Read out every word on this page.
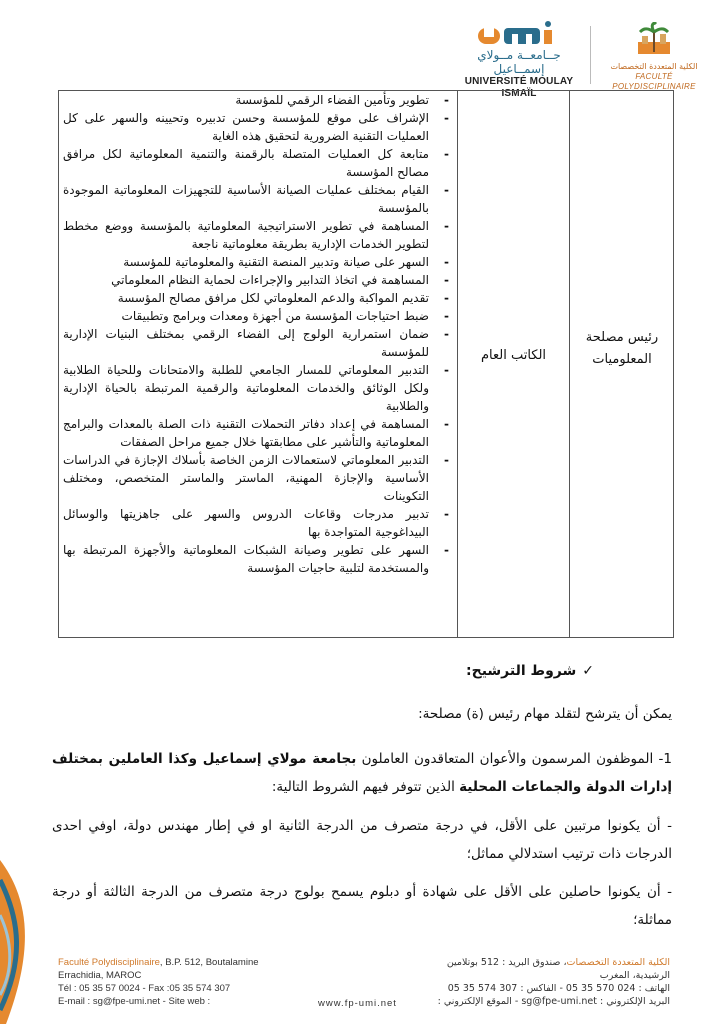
جــامعــة مــولاي إسمــاعيل
UNIVERSITÉ MOULAY ISMAÏL
الكلية المتعددة التخصصات
FACULTÉ POLYDISCIPLINAIRE
رئيس مصلحة المعلوميات
الكاتب العام
- تطوير وتأمين الفضاء الرقمي للمؤسسة
- الإشراف على موقع للمؤسسة وحسن تدبيره وتحيينه والسهر على كل العمليات التقنية الضرورية لتحقيق هذه الغاية
- متابعة كل العمليات المتصلة بالرقمنة والتنمية المعلوماتية لكل مرافق مصالح المؤسسة
- القيام بمختلف عمليات الصيانة الأساسية للتجهيزات المعلوماتية الموجودة بالمؤسسة
- المساهمة في تطوير الاستراتيجية المعلوماتية بالمؤسسة ووضع مخطط لتطوير الخدمات الإدارية بطريقة معلوماتية ناجعة
- السهر على صيانة وتدبير المنصة التقنية والمعلوماتية للمؤسسة
- المساهمة في اتخاذ التدابير والإجراءات لحماية النظام المعلوماتي
- تقديم المواكبة والدعم المعلوماتي لكل مرافق مصالح المؤسسة
- ضبط احتياجات المؤسسة من أجهزة ومعدات وبرامج وتطبيقات
- ضمان استمرارية الولوج إلى الفضاء الرقمي بمختلف البنيات الإدارية للمؤسسة
- التدبير المعلوماتي للمسار الجامعي للطلبة والامتحانات وللحياة الطلابية ولكل الوثائق والخدمات المعلوماتية والرقمية المرتبطة بالحياة الإدارية والطلابية
- المساهمة في إعداد دفاتر التحملات التقنية ذات الصلة بالمعدات والبرامج المعلوماتية والتأشير على مطابقتها خلال جميع مراحل الصفقات
- التدبير المعلوماتي لاستعمالات الزمن الخاصة بأسلاك الإجازة في الدراسات الأساسية والإجازة المهنية، الماستر والماستر المتخصص، ومختلف التكوينات
- تدبير مدرجات وقاعات الدروس والسهر على جاهزيتها والوسائل البيداغوجية المتواجدة بها
- السهر على تطوير وصيانة الشبكات المعلوماتية والأجهزة المرتبطة بها والمستخدمة لتلبية حاجيات المؤسسة
✓شروط الترشيح:
يمكن أن يترشح لتقلد مهام رئيس (ة) مصلحة:
1- الموظفون المرسمون والأعوان المتعاقدون العاملون بجامعة مولاي إسماعيل وكذا العاملين بمختلف إدارات الدولة والجماعات المحلية الذين تتوفر فيهم الشروط التالية:
- أن يكونوا مرتبين على الأقل، في درجة متصرف من الدرجة الثانية او في إطار مهندس دولة، اوفي احدى الدرجات ذات ترتيب استدلالي مماثل؛
- أن يكونوا حاصلين على الأقل على شهادة أو دبلوم يسمح بولوج درجة متصرف من الدرجة الثالثة أو درجة مماثلة؛
Faculté Polydisciplinaire, B.P. 512, Boutalamine
Errachidia, MAROC
Tél : 05 35 57 0024 - Fax :05 35 574 307
E-mail : sg@fpe-umi.net - Site web :	www.fp-umi.net
الكلية المتعددة التخصصات، صندوق البريد : 512 بوتلامين
الرشيدية، المغرب
الهاتف : 024 570 35 05 - الفاكس : 307 574 35 05
البريد الإلكتروني : sg@fpe-umi.net - الموقع الإلكتروني :
